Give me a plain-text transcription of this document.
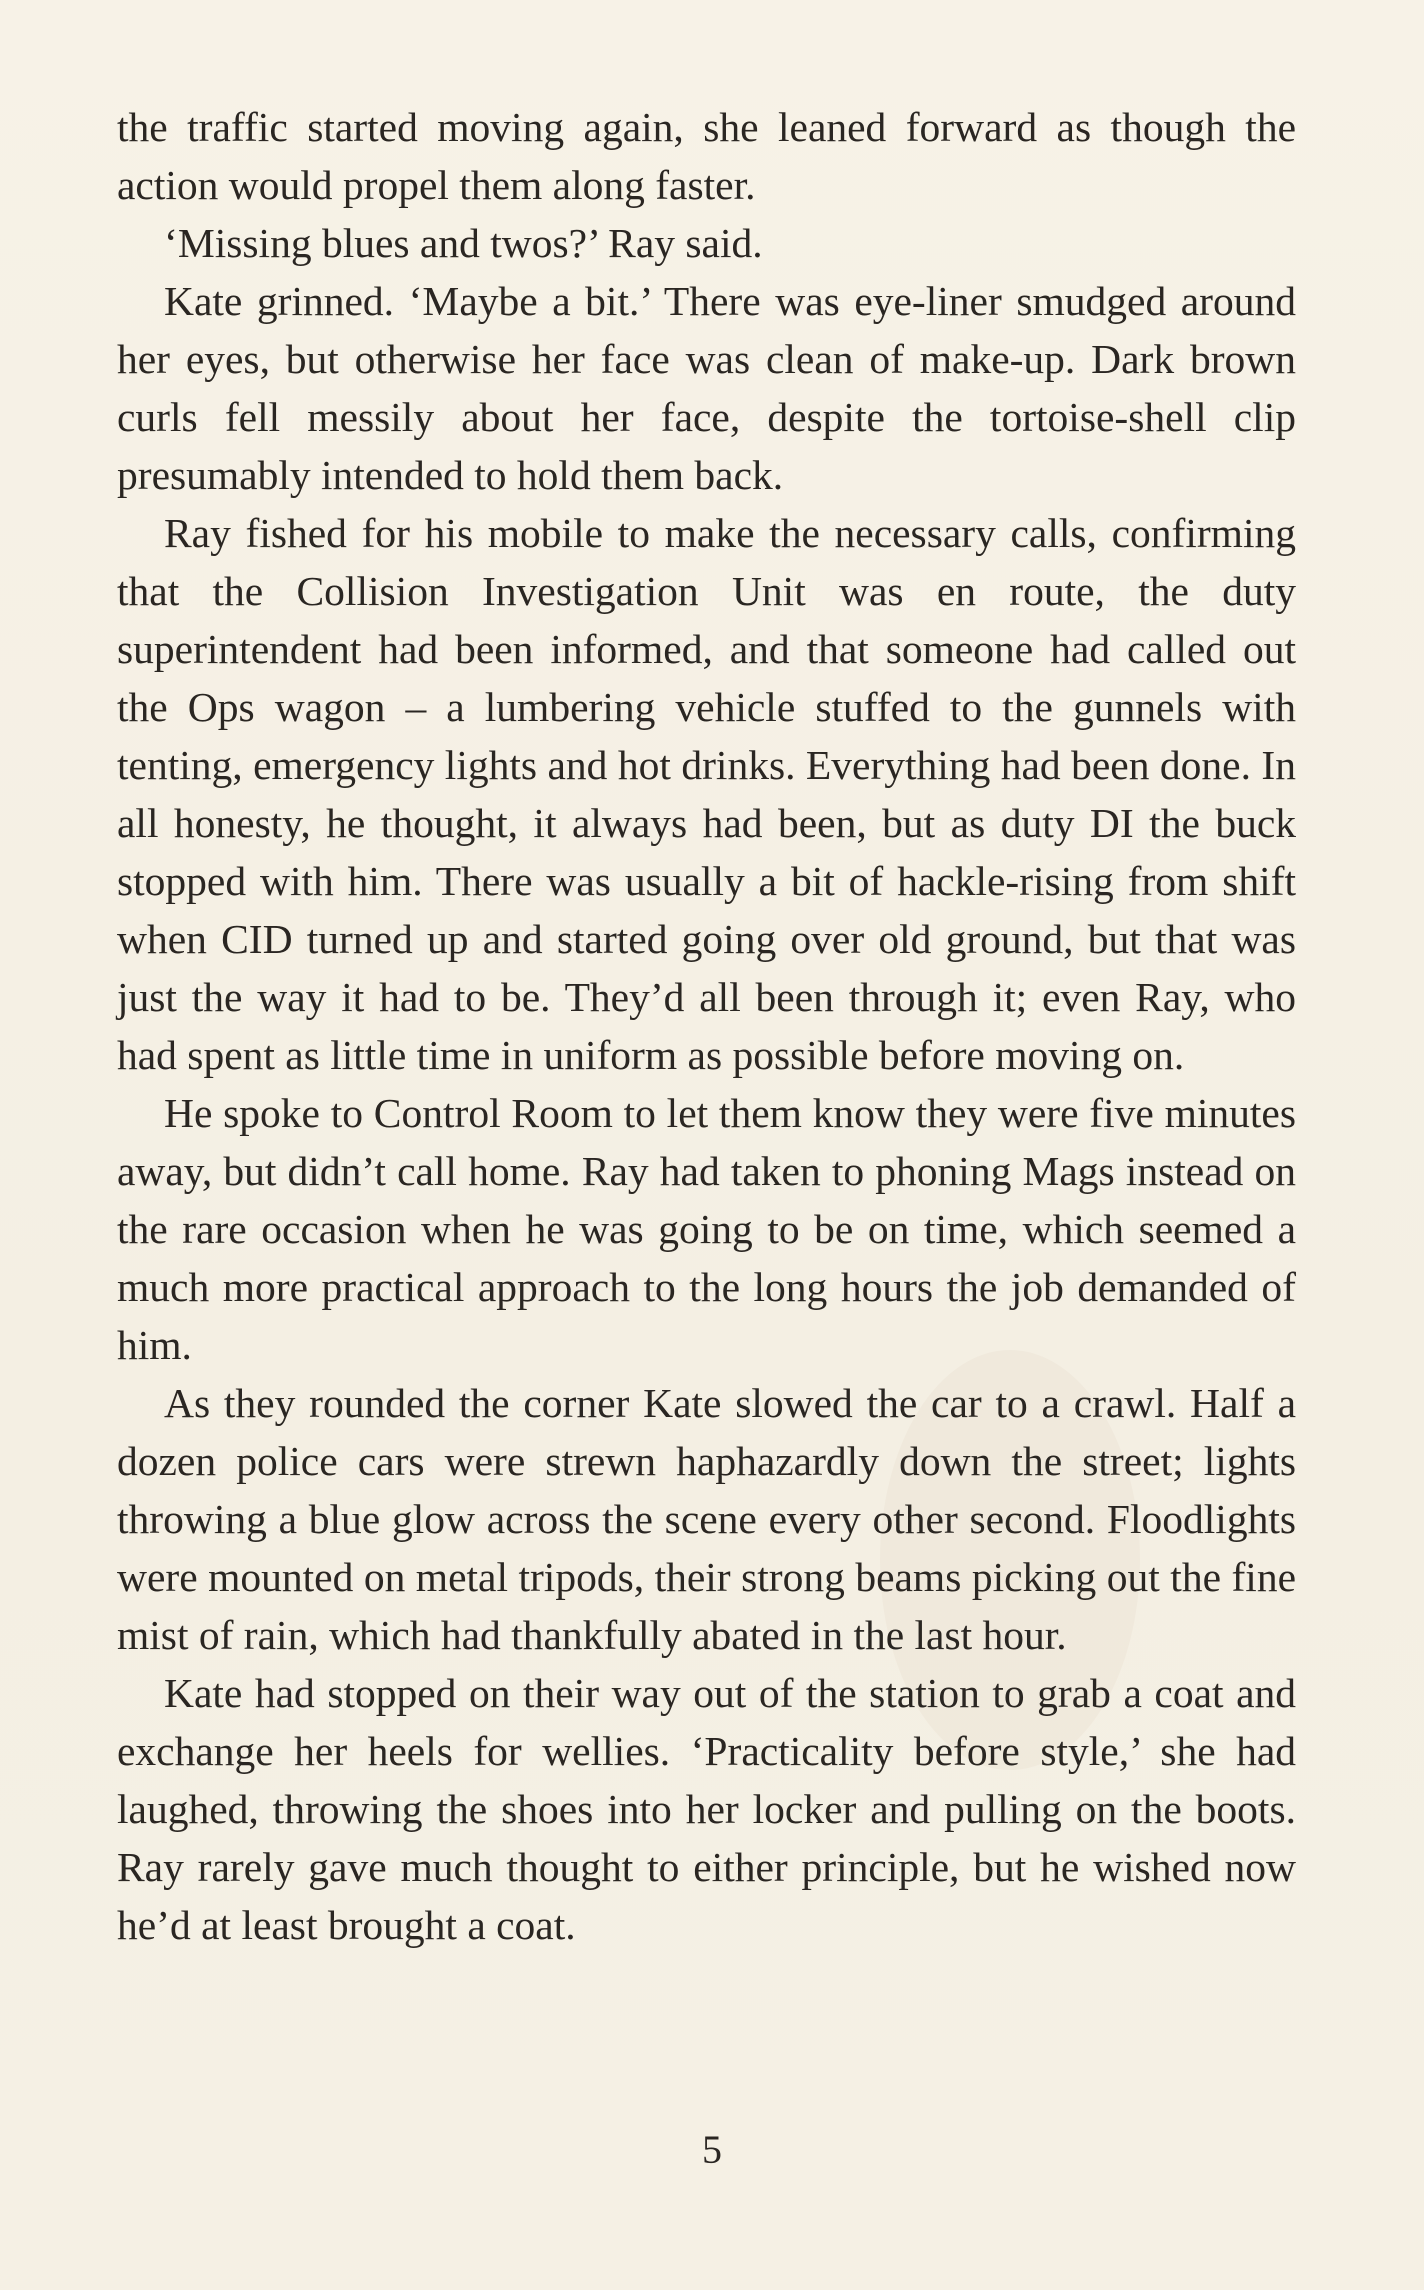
the traffic started moving again, she leaned forward as though the action would propel them along faster.

‘Missing blues and twos?’ Ray said.

Kate grinned. ‘Maybe a bit.’ There was eye-liner smudged around her eyes, but otherwise her face was clean of make-up. Dark brown curls fell messily about her face, despite the tortoise-shell clip presumably intended to hold them back.

Ray fished for his mobile to make the necessary calls, confirming that the Collision Investigation Unit was en route, the duty superintendent had been informed, and that someone had called out the Ops wagon – a lumbering vehicle stuffed to the gunnels with tenting, emergency lights and hot drinks. Everything had been done. In all honesty, he thought, it always had been, but as duty DI the buck stopped with him. There was usually a bit of hackle-rising from shift when CID turned up and started going over old ground, but that was just the way it had to be. They’d all been through it; even Ray, who had spent as little time in uniform as possible before moving on.

He spoke to Control Room to let them know they were five minutes away, but didn’t call home. Ray had taken to phoning Mags instead on the rare occasion when he was going to be on time, which seemed a much more practical approach to the long hours the job demanded of him.

As they rounded the corner Kate slowed the car to a crawl. Half a dozen police cars were strewn haphazardly down the street; lights throwing a blue glow across the scene every other second. Floodlights were mounted on metal tripods, their strong beams picking out the fine mist of rain, which had thankfully abated in the last hour.

Kate had stopped on their way out of the station to grab a coat and exchange her heels for wellies. ‘Practicality before style,’ she had laughed, throwing the shoes into her locker and pulling on the boots. Ray rarely gave much thought to either principle, but he wished now he’d at least brought a coat.

5
